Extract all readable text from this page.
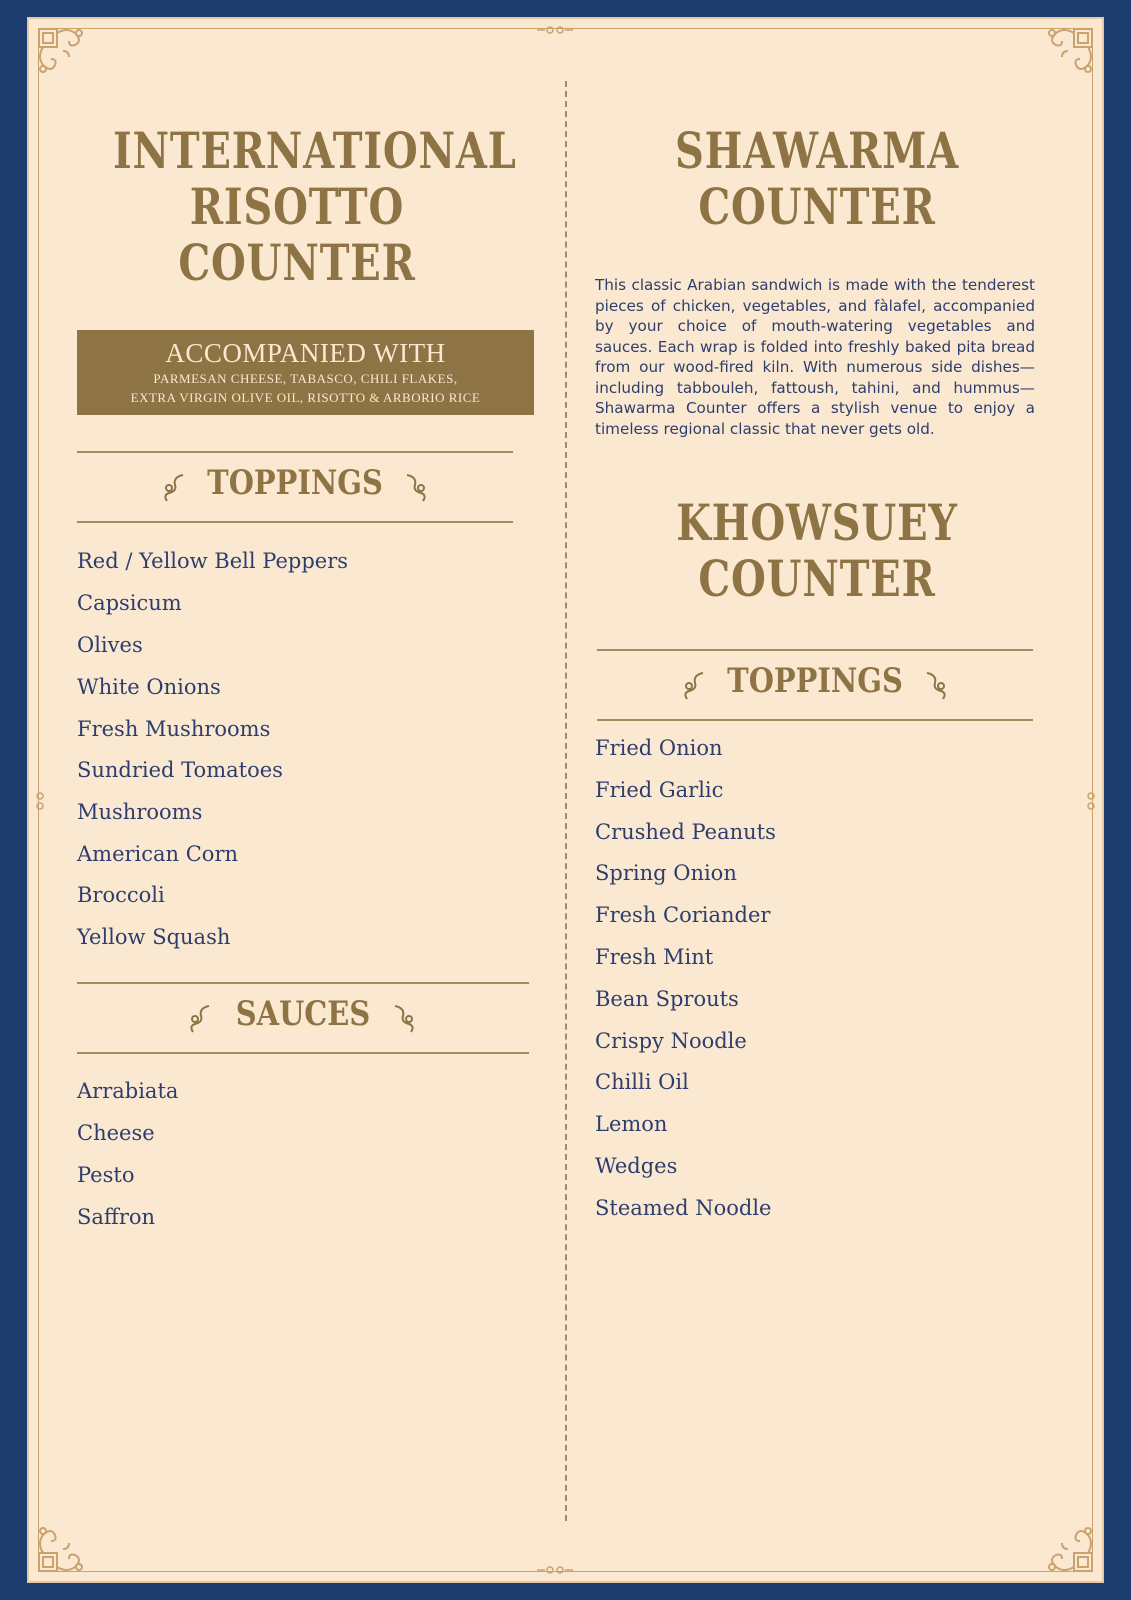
INTERNATIONAL
RISOTTO
COUNTER
ACCOMPANIED WITH
PARMESAN CHEESE, TABASCO, CHILI FLAKES,
EXTRA VIRGIN OLIVE OIL, RISOTTO & ARBORIO RICE
TOPPINGS
Red / Yellow Bell Peppers
Capsicum
Olives
White Onions
Fresh Mushrooms
Sundried Tomatoes
Mushrooms
American Corn
Broccoli
Yellow Squash
SAUCES
Arrabiata
Cheese
Pesto
Saffron
SHAWARMA
COUNTER

This classic Arabian sandwich is made with the tenderest pieces of chicken, vegetables, and fàlafel, accompanied by your choice of mouth-watering vegetables and sauces. Each wrap is folded into freshly baked pita bread from our wood-fired kiln. With numerous side dishes—including tabbouleh, fattoush, tahini, and hummus—Shawarma Counter offers a stylish venue to enjoy a timeless regional classic that never gets old.

KHOWSUEY
COUNTER
TOPPINGS
Fried Onion
Fried Garlic
Crushed Peanuts
Spring Onion
Fresh Coriander
Fresh Mint
Bean Sprouts
Crispy Noodle
Chilli Oil
Lemon
Wedges
Steamed Noodle
